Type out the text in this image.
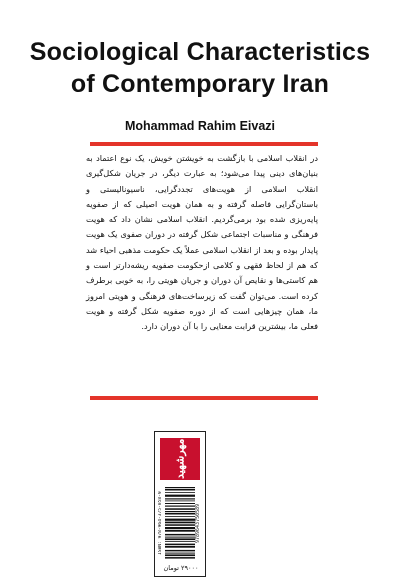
Sociological Characteristics
of Contemporary Iran
Mohammad Rahim Eivazi

در انقلاب اسلامی با بازگشت به خویشتن خویش، یک نوع اعتماد به بنیان‌های دینی پیدا می‌شود؛ به عبارت دیگر، در جریان شکل‌گیری انقلاب اسلامی از هویت‌های تجددگرایی، ناسیونالیستی و باستان‌گرایی فاصله گرفته و به همان هویت اصیلی که از صفویه پایه‌ریزی شده بود برمی‌گردیم. انقلاب اسلامی نشان داد که هویت فرهنگی و مناسبات اجتماعی شکل گرفته در دوران صفوی یک هویت پایدار بوده و بعد از انقلاب اسلامی عملاً یک حکومت مذهبی احیاء شد که هم از لحاظ فقهی و کلامی ازحکومت صفویه ریشه‌دارتر است و هم کاستی‌ها و نقایص آن دوران و جریان هویتی را، به خوبی برطرف کرده است. می‌توان گفت که زیرساخت‌های فرهنگی و هویتی امروز ما، همان چیزهایی است که از دوره صفویه شکل گرفته و هویت فعلی ما، بیشترین قرابت معنایی را با آن دوران دارد.

مهرشهید
ISBN: 978-964-375-058-9	9789643750589
۲۹۰۰۰ تومان
